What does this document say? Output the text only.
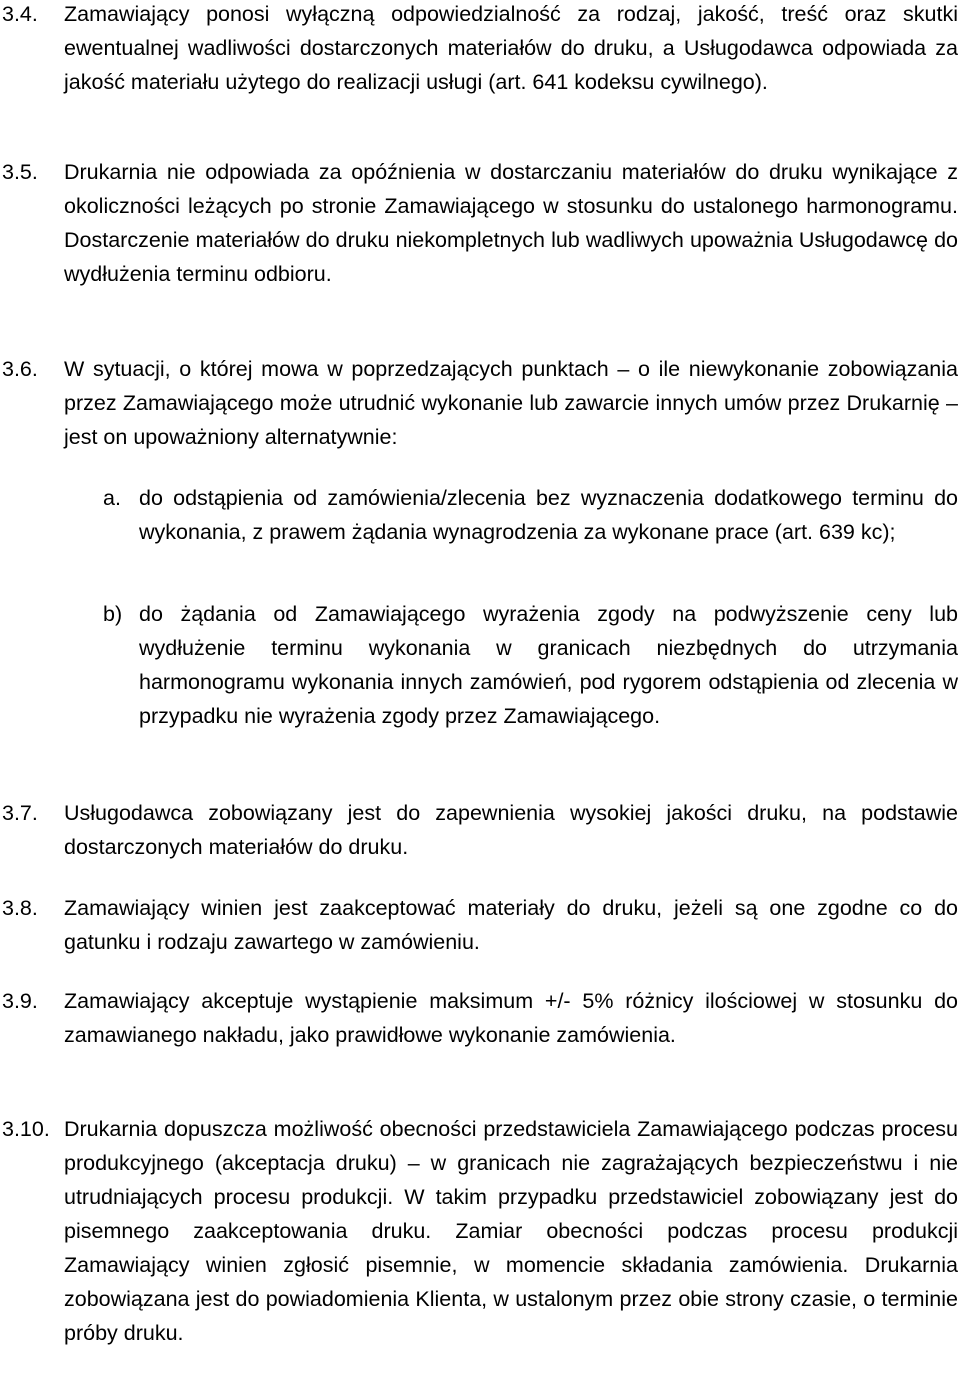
3.4. Zamawiający ponosi wyłączną odpowiedzialność za rodzaj, jakość, treść oraz skutki ewentualnej wadliwości dostarczonych materiałów do druku, a Usługodawca odpowiada za jakość materiału użytego do realizacji usługi (art. 641 kodeksu cywilnego).
3.5. Drukarnia nie odpowiada za opóźnienia w dostarczaniu materiałów do druku wynikające z okoliczności leżących po stronie Zamawiającego w stosunku do ustalonego harmonogramu. Dostarczenie materiałów do druku niekompletnych lub wadliwych upoważnia Usługodawcę do wydłużenia terminu odbioru.
3.6. W sytuacji, o której mowa w poprzedzających punktach – o ile niewykonanie zobowiązania przez Zamawiającego może utrudnić wykonanie lub zawarcie innych umów przez Drukarnię – jest on upoważniony alternatywnie:
a. do odstąpienia od zamówienia/zlecenia bez wyznaczenia dodatkowego terminu do wykonania, z prawem żądania wynagrodzenia za wykonane prace (art. 639 kc);
b) do żądania od Zamawiającego wyrażenia zgody na podwyższenie ceny lub wydłużenie terminu wykonania w granicach niezbędnych do utrzymania harmonogramu wykonania innych zamówień, pod rygorem odstąpienia od zlecenia w przypadku nie wyrażenia zgody przez Zamawiającego.
3.7. Usługodawca zobowiązany jest do zapewnienia wysokiej jakości druku, na podstawie dostarczonych materiałów do druku.
3.8. Zamawiający winien jest zaakceptować materiały do druku, jeżeli są one zgodne co do gatunku i rodzaju zawartego w zamówieniu.
3.9. Zamawiający akceptuje wystąpienie maksimum +/- 5% różnicy ilościowej w stosunku do zamawianego nakładu, jako prawidłowe wykonanie zamówienia.
3.10. Drukarnia dopuszcza możliwość obecności przedstawiciela Zamawiającego podczas procesu produkcyjnego (akceptacja druku) – w granicach nie zagrażających bezpieczeństwu i nie utrudniających procesu produkcji. W takim przypadku przedstawiciel zobowiązany jest do pisemnego zaakceptowania druku. Zamiar obecności podczas procesu produkcji Zamawiający winien zgłosić pisemnie, w momencie składania zamówienia. Drukarnia zobowiązana jest do powiadomienia Klienta, w ustalonym przez obie strony czasie, o terminie próby druku.
